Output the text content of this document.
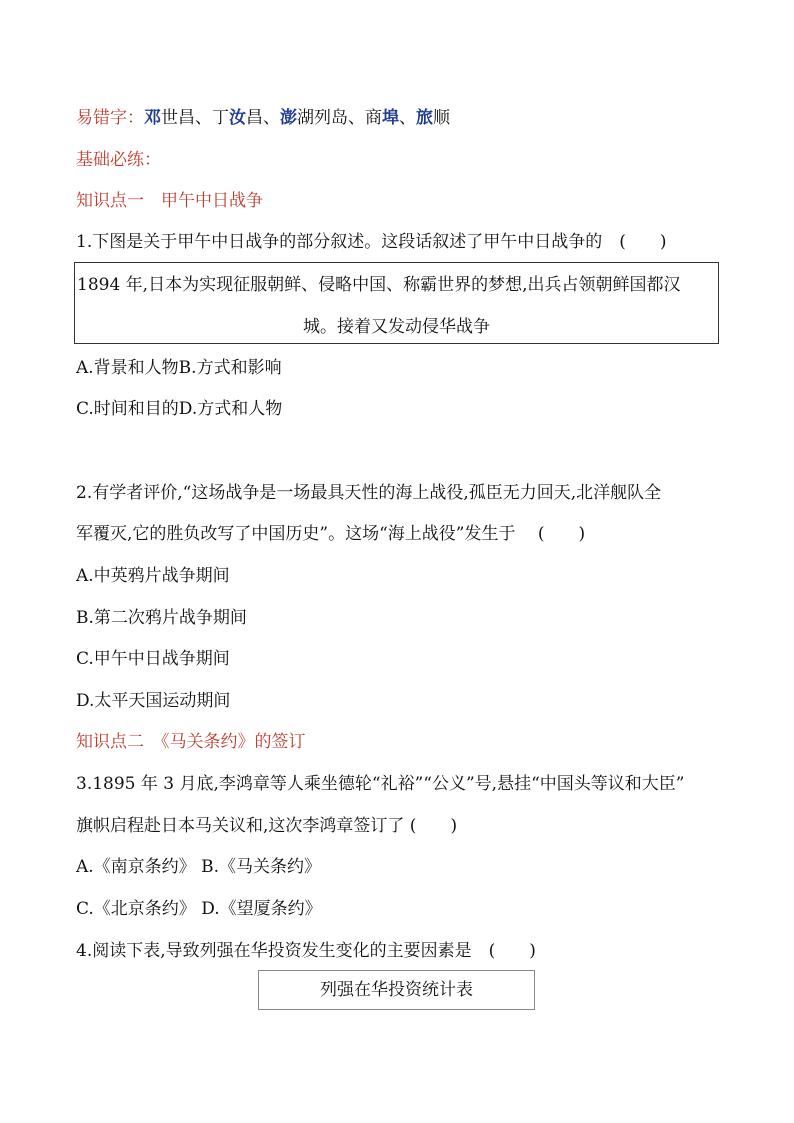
易错字：邓世昌、丁汝昌、澎湖列岛、商埠、旅顺
基础必练：
知识点一　甲午中日战争
1.下图是关于甲午中日战争的部分叙述。这段话叙述了甲午中日战争的　(　　)
1894 年,日本为实现征服朝鲜、侵略中国、称霸世界的梦想,出兵占领朝鲜国都汉
城。接着又发动侵华战争
A.背景和人物B.方式和影响
C.时间和目的D.方式和人物
2.有学者评价,“这场战争是一场最具天性的海上战役,孤臣无力回天,北洋舰队全
军覆灭,它的胜负改写了中国历史”。这场“海上战役”发生于　 (　　)
A.中英鸦片战争期间
B.第二次鸦片战争期间
C.甲午中日战争期间
D.太平天国运动期间
知识点二　《马关条约》的签订
3.1895 年 3 月底,李鸿章等人乘坐德轮“礼裕”“公义”号,悬挂“中国头等议和大臣”
旗帜启程赴日本马关议和,这次李鸿章签订了 (　　)
A.《南京条约》 B.《马关条约》
C.《北京条约》 D.《望厦条约》
4.阅读下表,导致列强在华投资发生变化的主要因素是　(　　)
列强在华投资统计表
